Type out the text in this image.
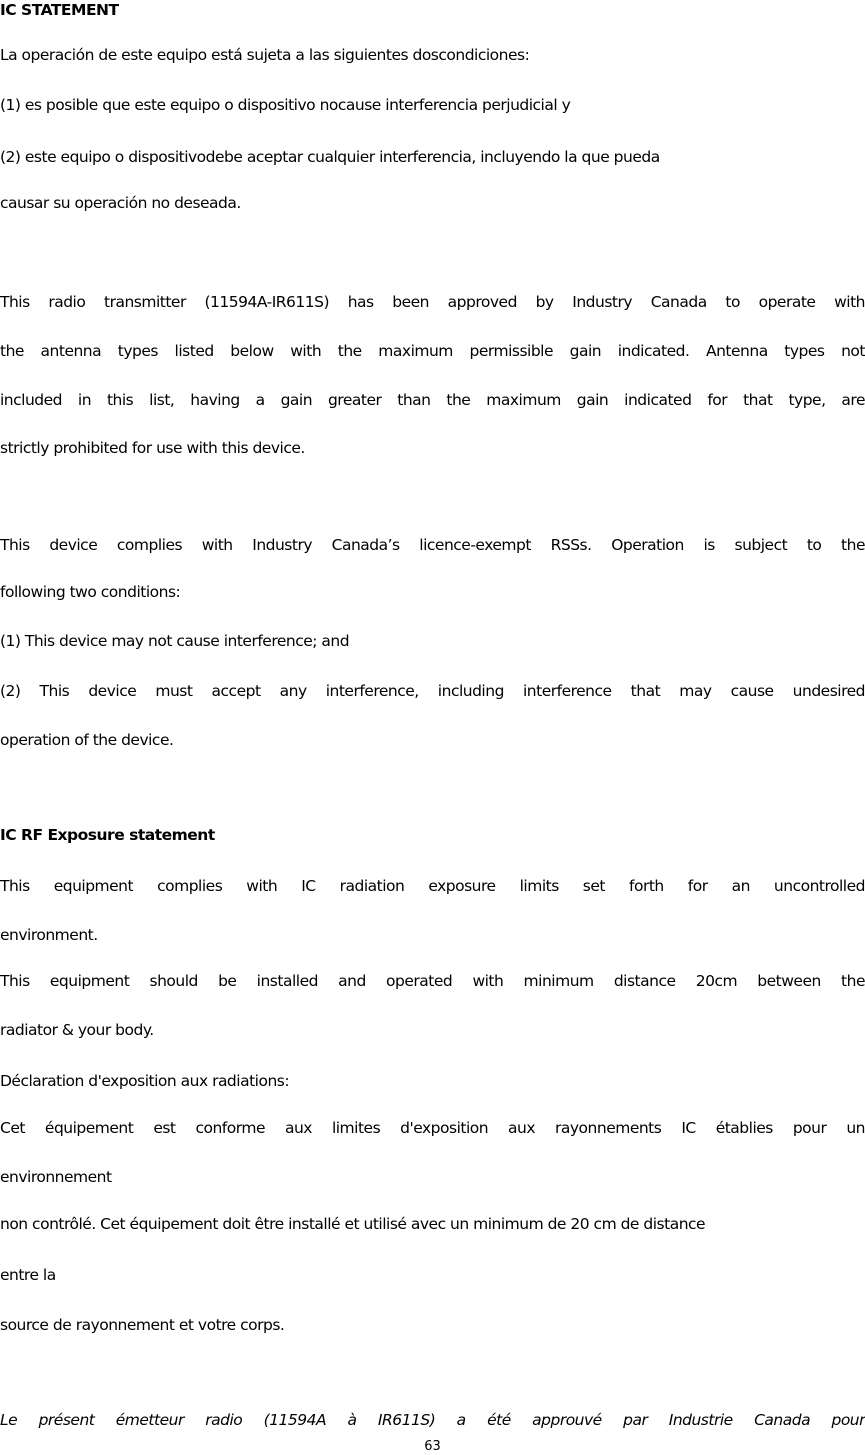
IC STATEMENT
La operación de este equipo está sujeta a las siguientes doscondiciones:
(1) es posible que este equipo o dispositivo nocause interferencia perjudicial y
(2) este equipo o dispositivodebe aceptar cualquier interferencia, incluyendo la que pueda
causar su operación no deseada.
This radio transmitter (11594A-IR611S) has been approved by Industry Canada to operate with
the antenna types listed below with the maximum permissible gain indicated. Antenna types not
included in this list, having a gain greater than the maximum gain indicated for that type, are
strictly prohibited for use with this device.
This device complies with Industry Canada’s licence-exempt RSSs. Operation is subject to the
following two conditions:
(1) This device may not cause interference; and
(2) This device must accept any interference, including interference that may cause undesired
operation of the device.
IC RF Exposure statement
This equipment complies with IC radiation exposure limits set forth for an uncontrolled
environment.
This equipment should be installed and operated with minimum distance 20cm between the
radiator & your body.
Déclaration d'exposition aux radiations:
Cet équipement est conforme aux limites d'exposition aux rayonnements IC établies pour un
environnement
non contrôlé. Cet équipement doit être installé et utilisé avec un minimum de 20 cm de distance
entre la
source de rayonnement et votre corps.
Le présent émetteur radio (11594A à IR611S) a été approuvé par Industrie Canada pour
63
